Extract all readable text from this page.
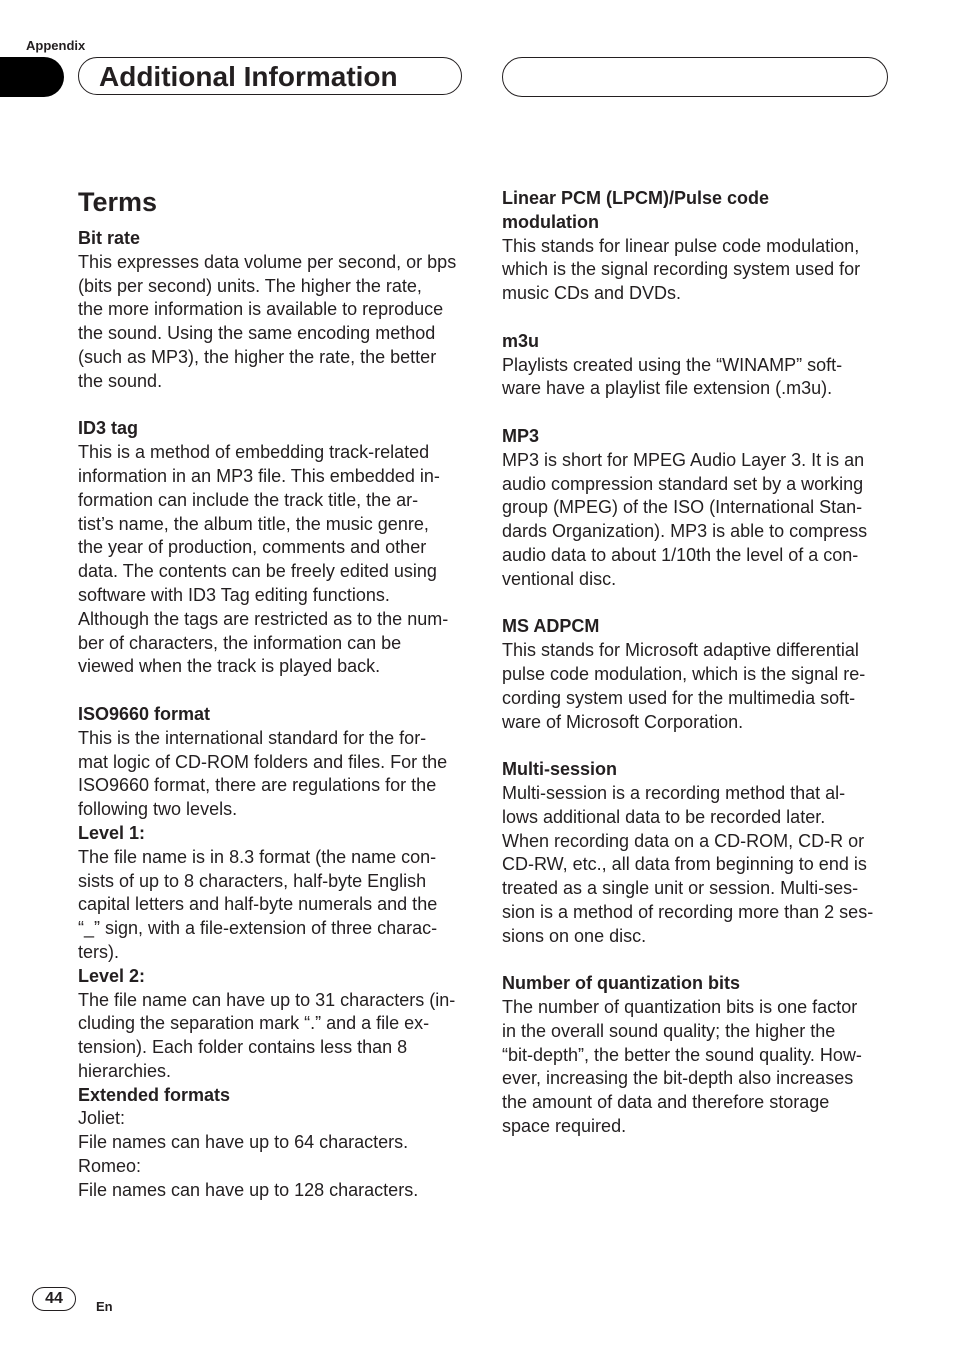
Appendix
Additional Information
Terms
Bit rate
This expresses data volume per second, or bps
(bits per second) units. The higher the rate,
the more information is available to reproduce
the sound. Using the same encoding method
(such as MP3), the higher the rate, the better
the sound.
ID3 tag
This is a method of embedding track-related
information in an MP3 file. This embedded in-
formation can include the track title, the ar-
tist’s name, the album title, the music genre,
the year of production, comments and other
data. The contents can be freely edited using
software with ID3 Tag editing functions.
Although the tags are restricted as to the num-
ber of characters, the information can be
viewed when the track is played back.
ISO9660 format
This is the international standard for the for-
mat logic of CD-ROM folders and files. For the
ISO9660 format, there are regulations for the
following two levels.
Level 1:
The file name is in 8.3 format (the name con-
sists of up to 8 characters, half-byte English
capital letters and half-byte numerals and the
“_” sign, with a file-extension of three charac-
ters).
Level 2:
The file name can have up to 31 characters (in-
cluding the separation mark “.” and a file ex-
tension). Each folder contains less than 8
hierarchies.
Extended formats
Joliet:
File names can have up to 64 characters.
Romeo:
File names can have up to 128 characters.
Linear PCM (LPCM)/Pulse code
modulation
This stands for linear pulse code modulation,
which is the signal recording system used for
music CDs and DVDs.
m3u
Playlists created using the “WINAMP” soft-
ware have a playlist file extension (.m3u).
MP3
MP3 is short for MPEG Audio Layer 3. It is an
audio compression standard set by a working
group (MPEG) of the ISO (International Stan-
dards Organization). MP3 is able to compress
audio data to about 1/10th the level of a con-
ventional disc.
MS ADPCM
This stands for Microsoft adaptive differential
pulse code modulation, which is the signal re-
cording system used for the multimedia soft-
ware of Microsoft Corporation.
Multi-session
Multi-session is a recording method that al-
lows additional data to be recorded later.
When recording data on a CD-ROM, CD-R or
CD-RW, etc., all data from beginning to end is
treated as a single unit or session. Multi-ses-
sion is a method of recording more than 2 ses-
sions on one disc.
Number of quantization bits
The number of quantization bits is one factor
in the overall sound quality; the higher the
“bit-depth”, the better the sound quality. How-
ever, increasing the bit-depth also increases
the amount of data and therefore storage
space required.
44	En
